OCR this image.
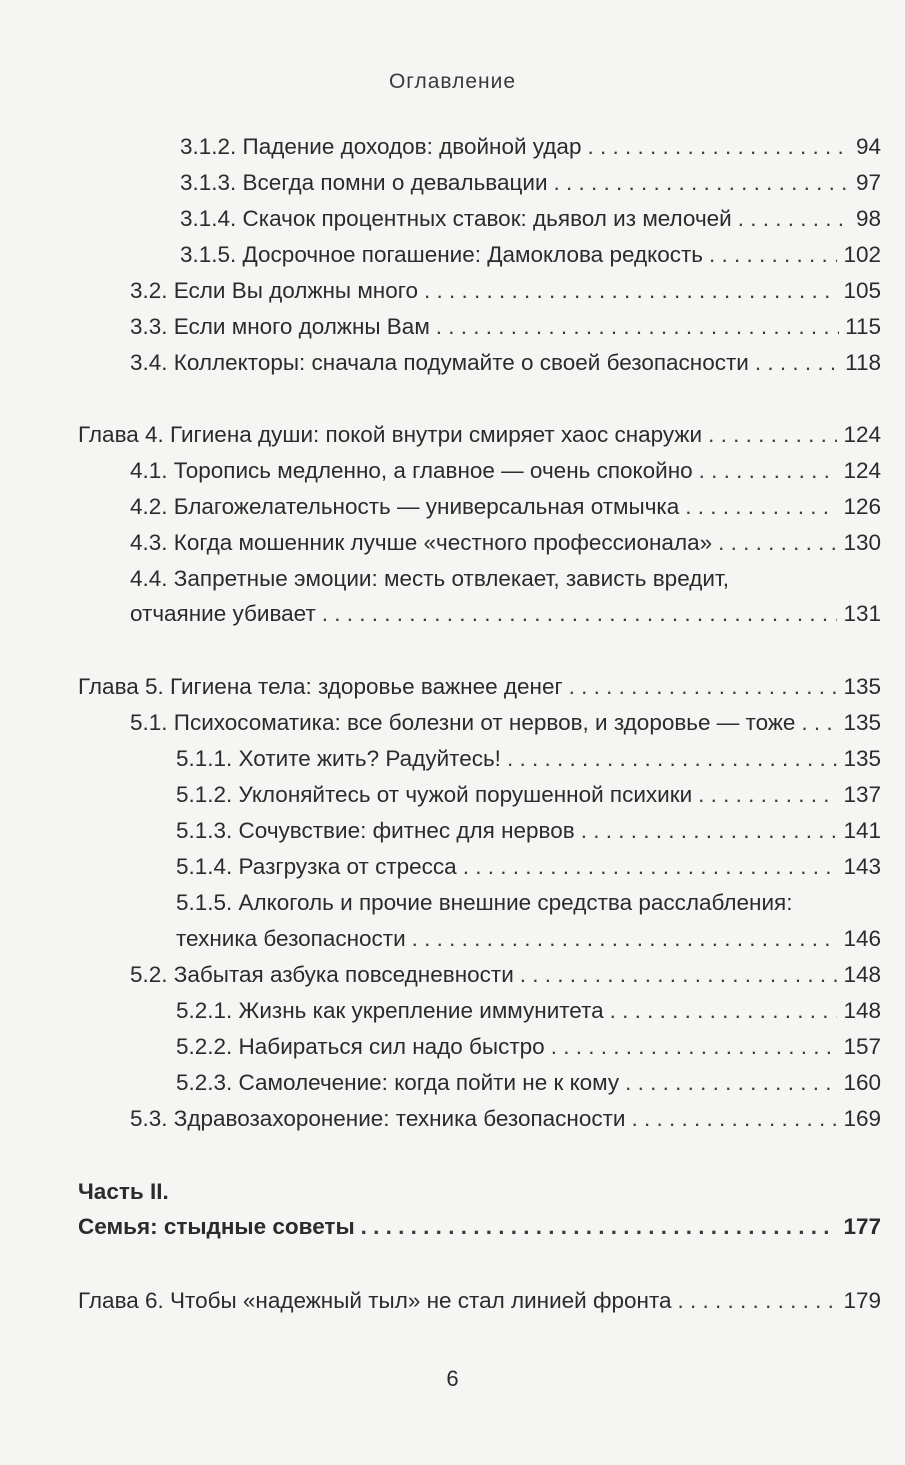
Оглавление
3.1.2. Падение доходов: двойной удар . . .	94
3.1.3. Всегда помни о девальвации . . .	97
3.1.4. Скачок процентных ставок: дьявол из мелочей . . .	98
3.1.5. Досрочное погашение: Дамоклова редкость . . .	102
3.2. Если Вы должны много . . .	105
3.3. Если много должны Вам . . .	115
3.4. Коллекторы: сначала подумайте о своей безопасности . . .	118
Глава 4. Гигиена души: покой внутри смиряет хаос снаружи . . .	124
4.1. Торопись медленно, а главное — очень спокойно . . .	124
4.2. Благожелательность — универсальная отмычка . . .	126
4.3. Когда мошенник лучше «честного профессионала» . . .	130
4.4. Запретные эмоции: месть отвлекает, зависть вредит,
отчаяние убивает . . .	131
Глава 5. Гигиена тела: здоровье важнее денег . . .	135
5.1. Психосоматика: все болезни от нервов, и здоровье — тоже . . . 135
5.1.1. Хотите жить? Радуйтесь! . . .	135
5.1.2. Уклоняйтесь от чужой порушенной психики . . .	137
5.1.3. Сочувствие: фитнес для нервов . . .	141
5.1.4. Разгрузка от стресса . . .	143
5.1.5. Алкоголь и прочие внешние средства расслабления:
техника безопасности . . .	146
5.2. Забытая азбука повседневности . . .	148
5.2.1. Жизнь как укрепление иммунитета . . .	148
5.2.2. Набираться сил надо быстро . . .	157
5.2.3. Самолечение: когда пойти не к кому . . .	160
5.3. Здравозахоронение: техника безопасности . . .	169
Часть II.
Семья: стыдные советы . . .	177
Глава 6. Чтобы «надежный тыл» не стал линией фронта . . .	179
6
